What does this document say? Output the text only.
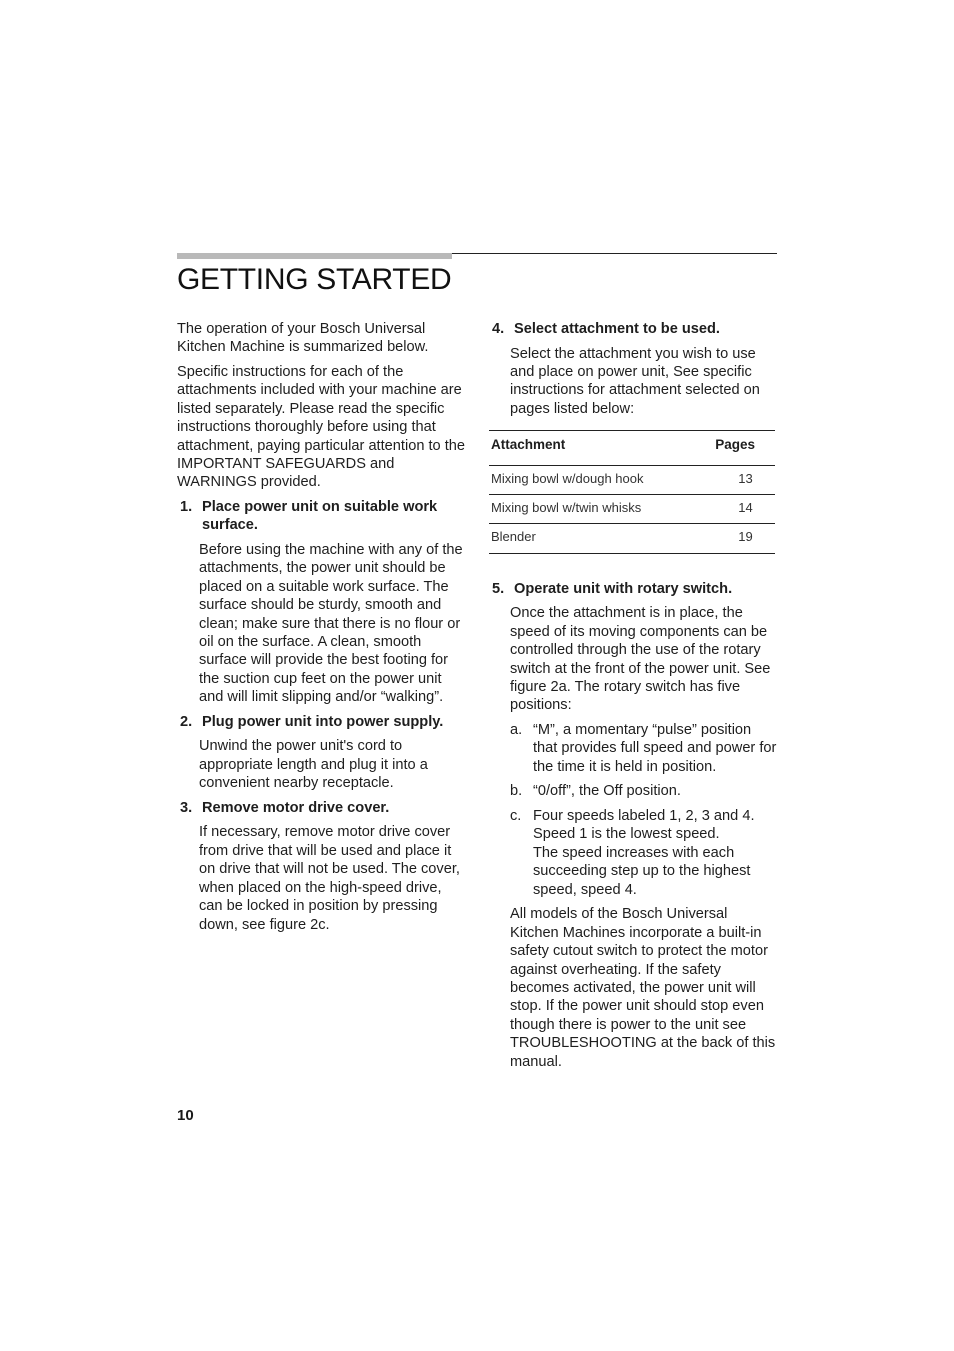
GETTING STARTED

The operation of your Bosch Universal Kitchen Machine is summarized below.

Specific instructions for each of the attachments included with your machine are listed separately. Please read the specific instructions thoroughly before using that attachment, paying particular attention to the IMPORTANT SAFEGUARDS and WARNINGS provided.

1. Place power unit on suitable work surface.

Before using the machine with any of the attachments, the power unit should be placed on a suitable work surface. The surface should be sturdy, smooth and clean; make sure that there is no flour or oil on the surface. A clean, smooth surface will provide the best footing for the suction cup feet on the power unit and will limit slipping and/or “walking”.

2. Plug power unit into power supply.

Unwind the power unit's cord to appropriate length and plug it into a convenient nearby receptacle.

3. Remove motor drive cover.

If necessary, remove motor drive cover from drive that will be used and place it on drive that will not be used. The cover, when placed on the high-speed drive, can be locked in position by pressing down, see figure 2c.

4. Select attachment to be used.

Select the attachment you wish to use and place on power unit, See specific instructions for attachment selected on pages listed below:

Attachment	Pages
Mixing bowl w/dough hook	13
Mixing bowl w/twin whisks	14
Blender	19
5. Operate unit with rotary switch.

Once the attachment is in place, the speed of its moving components can be controlled through the use of the rotary switch at the front of the power unit. See figure 2a. The rotary switch has five positions:

a. “M”, a momentary “pulse” position that provides full speed and power for the time it is held in position.
b. “0/off”, the Off position.
c. Four speeds labeled 1, 2, 3 and 4. Speed 1 is the lowest speed.
The speed increases with each succeeding step up to the highest speed, speed 4.

All models of the Bosch Universal Kitchen Machines incorporate a built-in safety cutout switch to protect the motor against overheating. If the safety becomes activated, the power unit will stop. If the power unit should stop even though there is power to the unit see TROUBLESHOOTING at the back of this manual.

10
